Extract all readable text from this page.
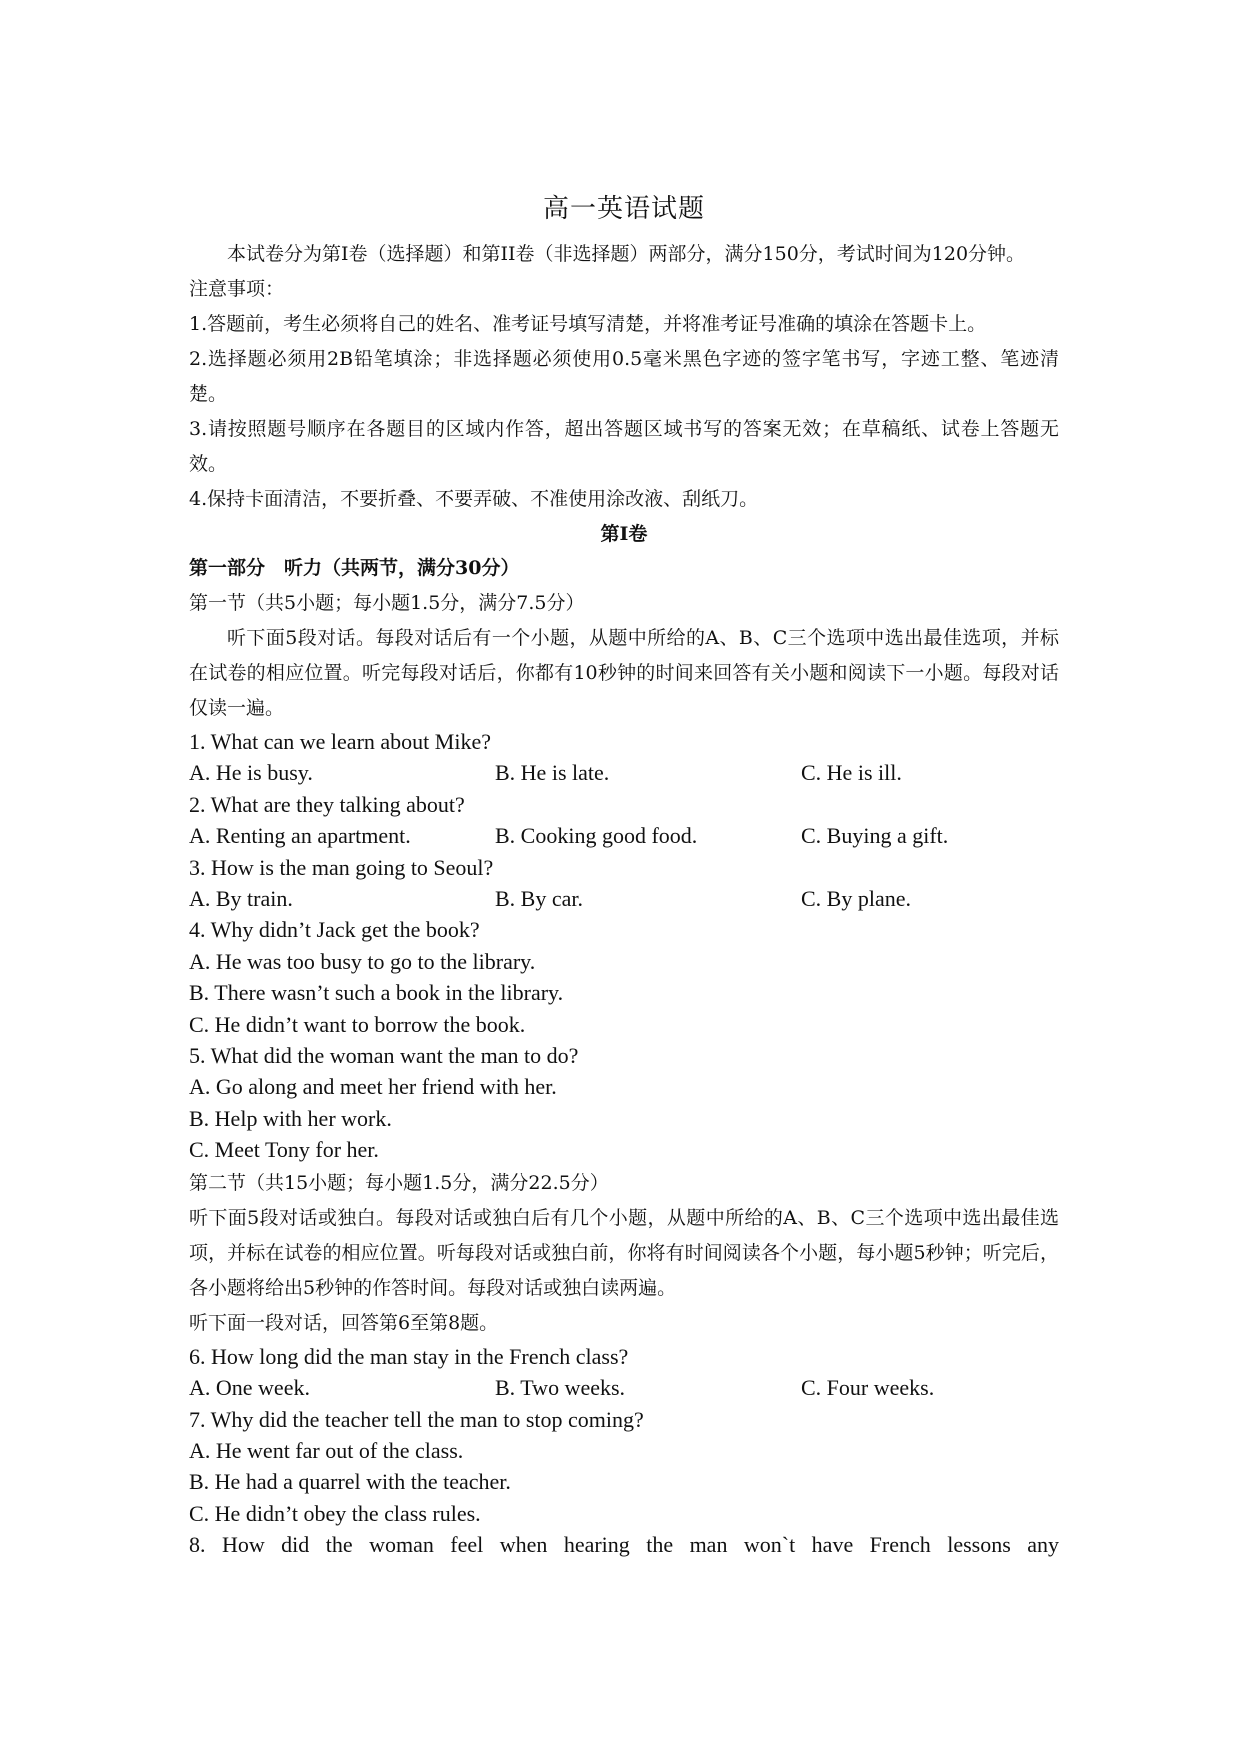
高一英语试题

本试卷分为第I卷（选择题）和第II卷（非选择题）两部分，满分150分，考试时间为120分钟。

注意事项：

1.答题前，考生必须将自己的姓名、准考证号填写清楚，并将准考证号准确的填涂在答题卡上。

2.选择题必须用2B铅笔填涂；非选择题必须使用0.5毫米黑色字迹的签字笔书写，字迹工整、笔迹清楚。

3.请按照题号顺序在各题目的区域内作答，超出答题区域书写的答案无效；在草稿纸、试卷上答题无效。

4.保持卡面清洁，不要折叠、不要弄破、不准使用涂改液、刮纸刀。

第I卷

第一部分　听力（共两节，满分30分）

第一节（共5小题；每小题1.5分，满分7.5分）

听下面5段对话。每段对话后有一个小题，从题中所给的A、B、C三个选项中选出最佳选项，并标在试卷的相应位置。听完每段对话后，你都有10秒钟的时间来回答有关小题和阅读下一小题。每段对话仅读一遍。

1. What can we learn about Mike?

A. He is busy.	B. He is late.	C. He is ill.

2. What are they talking about?

A. Renting an apartment.	B. Cooking good food.	C. Buying a gift.

3. How is the man going to Seoul?

A. By train.	B. By car.	C. By plane.

4. Why didn’t Jack get the book?

A. He was too busy to go to the library.

B. There wasn’t such a book in the library.

C. He didn’t want to borrow the book.

5. What did the woman want the man to do?

A. Go along and meet her friend with her.

B. Help with her work.

C. Meet Tony for her.

第二节（共15小题；每小题1.5分，满分22.5分）

听下面5段对话或独白。每段对话或独白后有几个小题，从题中所给的A、B、C三个选项中选出最佳选项，并标在试卷的相应位置。听每段对话或独白前，你将有时间阅读各个小题，每小题5秒钟；听完后，各小题将给出5秒钟的作答时间。每段对话或独白读两遍。

听下面一段对话，回答第6至第8题。

6. How long did the man stay in the French class?

A. One week.	B. Two weeks.	C. Four weeks.

7. Why did the teacher tell the man to stop coming?

A. He went far out of the class.

B. He had a quarrel with the teacher.

C. He didn’t obey the class rules.

8. How did the woman feel when hearing the man won`t have French lessons any
